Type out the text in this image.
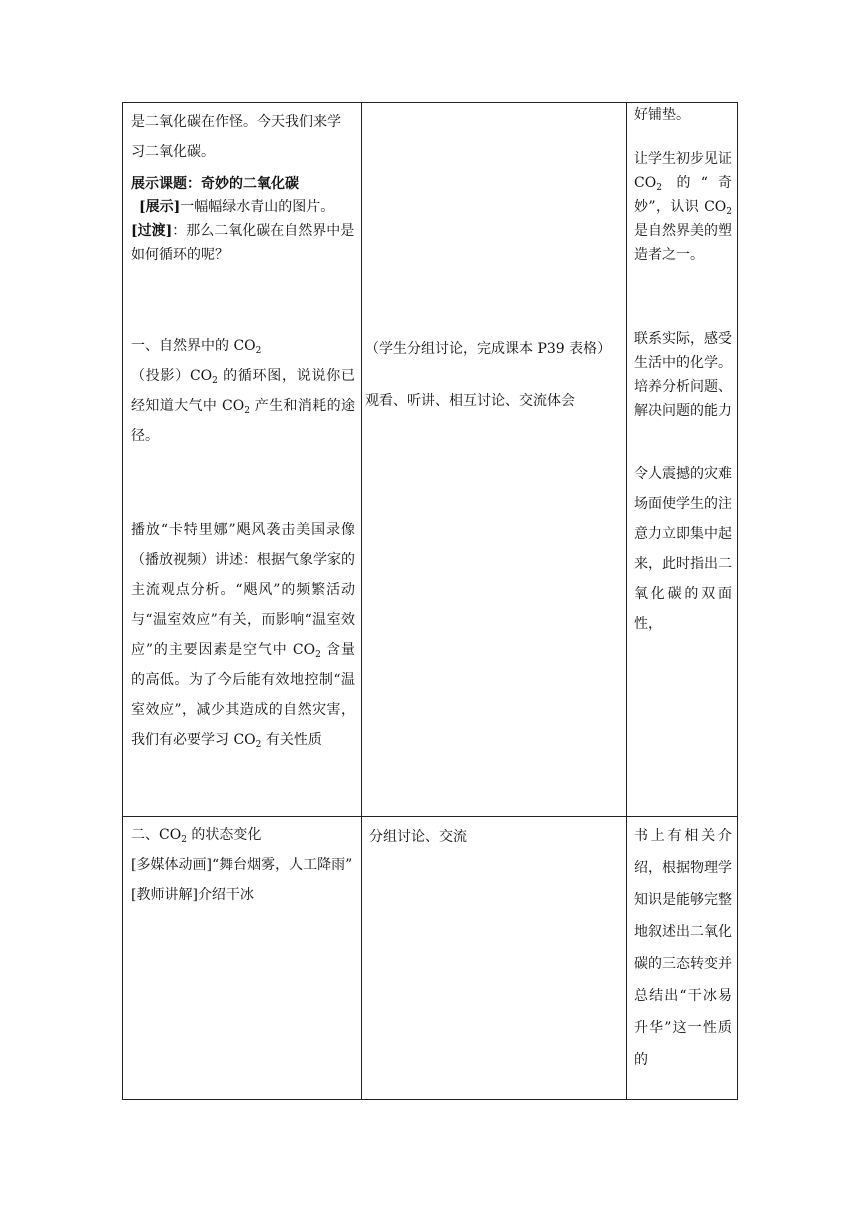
是二氧化碳在作怪。今天我们来学

习二氧化碳。

展示课题：奇妙的二氧化碳

[展示]一幅幅绿水青山的图片。

[过渡]：那么二氧化碳在自然界中是如何循环的呢？

一、自然界中的 $CO_2$

（投影）$CO_2$ 的循环图，说说你已经知道大气中 $CO_2$ 产生和消耗的途径。

播放“卡特里娜”飓风袭击美国录像（播放视频）讲述：根据气象学家的主流观点分析。“飓风”的频繁活动与“温室效应”有关，而影响“温室效应”的主要因素是空气中 $CO_2$ 含量的高低。为了今后能有效地控制“温室效应”，减少其造成的自然灾害，我们有必要学习 $CO_2$ 有关性质

（学生分组讨论，完成课本 P39 表格）

观看、听讲、相互讨论、交流体会

好铺垫。

让学生初步见证 $CO_2$ 的“奇妙”，认识 $CO_2$ 是自然界美的塑造者之一。

联系实际，感受生活中的化学。培养分析问题、解决问题的能力

令人震撼的灾难场面使学生的注意力立即集中起来，此时指出二氧化碳的双面性，

二、$CO_2$ 的状态变化

[多媒体动画]“舞台烟雾，人工降雨”

[教师讲解]介绍干冰

分组讨论、交流	书上有相关介绍，根据物理学知识是能够完整地叙述出二氧化碳的三态转变并总结出“干冰易升华”这一性质的
